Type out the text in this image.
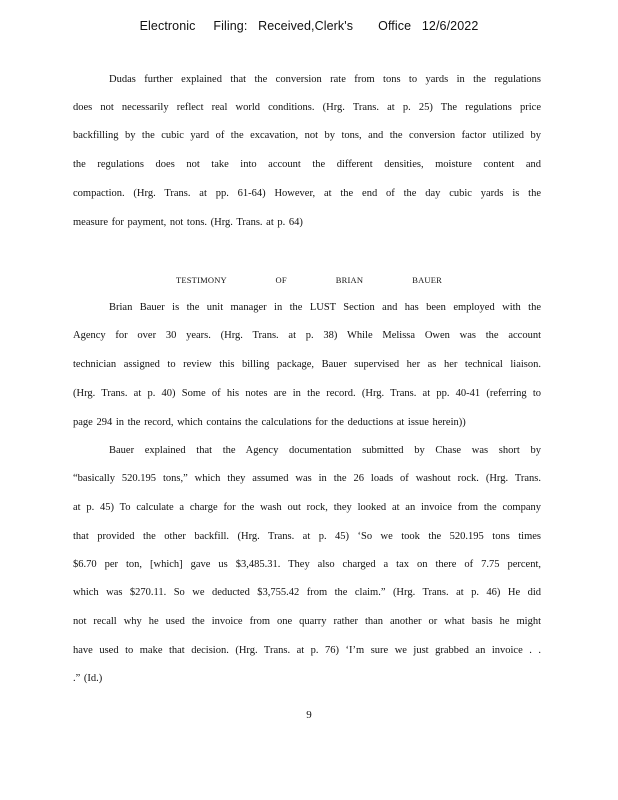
Electronic     Filing:   Received,Clerk's       Office   12/6/2022
Dudas further explained that the conversion rate from tons to yards in the regulations
does not necessarily reflect real world conditions. (Hrg. Trans. at p. 25) The regulations price
backfilling by the cubic yard of the excavation, not by tons, and the conversion factor utilized by
the regulations does not take into account the different densities, moisture content and
compaction. (Hrg. Trans. at pp. 61-64) However, at the end of the day cubic yards is the
measure for payment, not tons. (Hrg. Trans. at p. 64)
TESTIMONY   OF   BRIAN   BAUER
Brian Bauer is the unit manager in the LUST Section and has been employed with the
Agency for over 30 years. (Hrg. Trans. at p. 38) While Melissa Owen was the account
technician assigned to review this billing package, Bauer supervised her as her technical liaison.
(Hrg. Trans. at p. 40) Some of his notes are in the record. (Hrg. Trans. at pp. 40-41 (referring to
page 294 in the record, which contains the calculations for the deductions at issue herein))
Bauer explained that the Agency documentation submitted by Chase was short by
“basically 520.195 tons,” which they assumed was in the 26 loads of washout rock. (Hrg. Trans.
at p. 45) To calculate a charge for the wash out rock, they looked at an invoice from the company
that provided the other backfill. (Hrg. Trans. at p. 45) ‘So we took the 520.195 tons times
$6.70 per ton, [which] gave us $3,485.31. They also charged a tax on there of 7.75 percent,
which was $270.11. So we deducted $3,755.42 from the claim.” (Hrg. Trans. at p. 46) He did
not recall why he used the invoice from one quarry rather than another or what basis he might
have used to make that decision. (Hrg. Trans. at p. 76) ‘I’m sure we just grabbed an invoice . .
.” (Id.)
9
